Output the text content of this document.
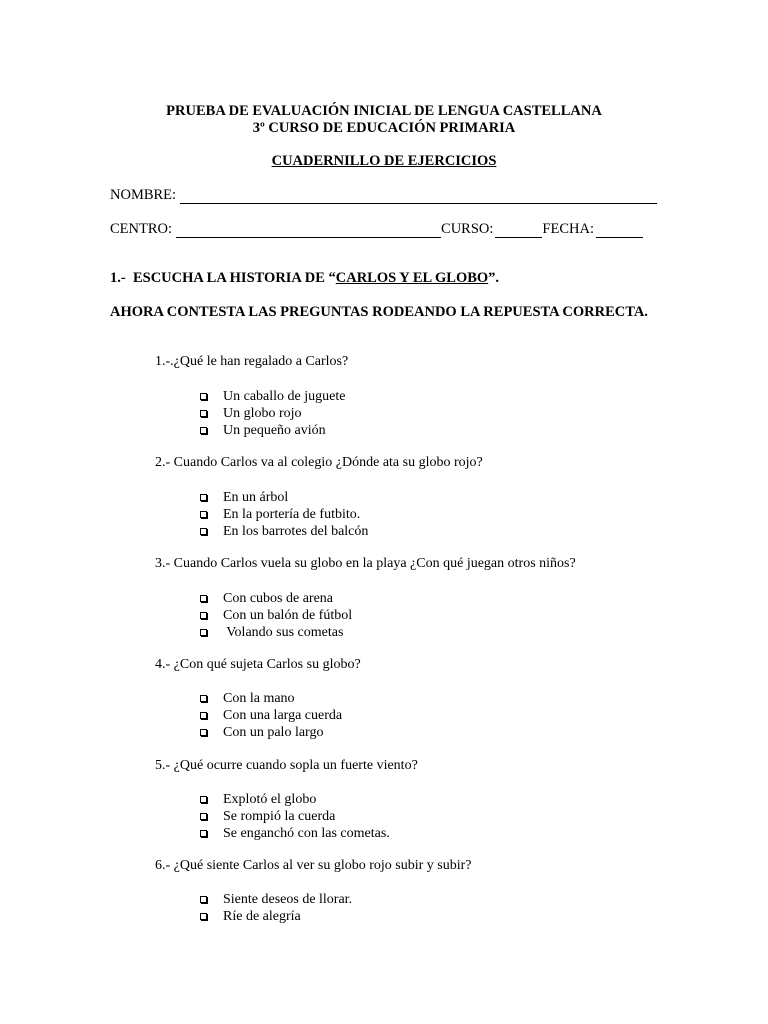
PRUEBA DE EVALUACIÓN INICIAL DE LENGUA CASTELLANA
3º CURSO DE EDUCACIÓN PRIMARIA
CUADERNILLO DE EJERCICIOS
NOMBRE:
CENTRO:	CURSO:	FECHA:
1.-  ESCUCHA LA HISTORIA DE “CARLOS Y EL GLOBO”.
AHORA CONTESTA LAS PREGUNTAS RODEANDO LA REPUESTA CORRECTA.
1.-.¿Qué le han regalado a Carlos?
Un caballo de juguete
Un globo rojo
Un pequeño avión
2.- Cuando Carlos va al colegio ¿Dónde ata su globo rojo?
En un árbol
En la portería de futbito.
En los barrotes del balcón
3.- Cuando Carlos vuela su globo en la playa ¿Con qué juegan otros niños?
Con cubos de arena
Con un balón de fútbol
Volando sus cometas
4.- ¿Con qué sujeta Carlos su globo?
Con la mano
Con una larga cuerda
Con un palo largo
5.- ¿Qué ocurre cuando sopla un fuerte viento?
Explotó el globo
Se rompió la cuerda
Se enganchó con las cometas.
6.- ¿Qué siente Carlos al ver su globo rojo subir y subir?
Siente deseos de llorar.
Ríe de alegría
